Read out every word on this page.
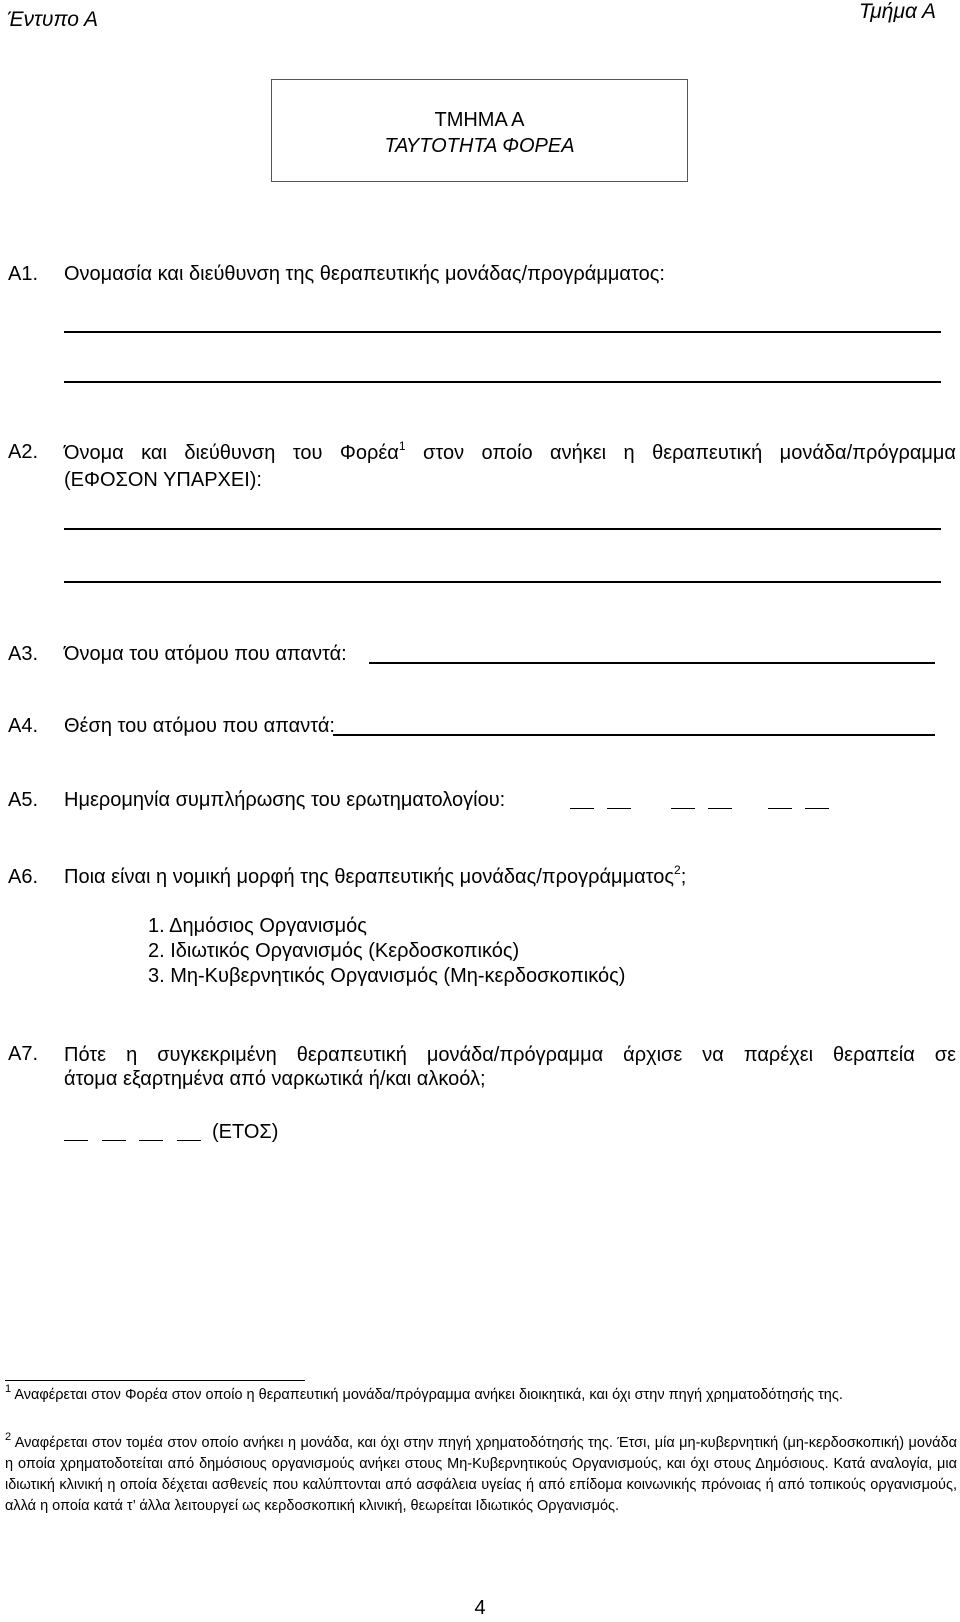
Έντυπο Α	Τμήμα Α
ΤΜΗΜΑ Α
ΤΑΥΤΟΤΗΤΑ ΦΟΡΕΑ
Α1. Ονομασία και διεύθυνση της θεραπευτικής μονάδας/προγράμματος:
Α2. Όνομα και διεύθυνση του Φορέα$^1$ στον οποίο ανήκει η θεραπευτική μονάδα/πρόγραμμα
(ΕΦΟΣΟΝ ΥΠΑΡΧΕΙ):
Α3. Όνομα του ατόμου που απαντά:
Α4. Θέση του ατόμου που απαντά:
Α5. Ημερομηνία συμπλήρωσης του ερωτηματολογίου:
Α6. Ποια είναι η νομική μορφή της θεραπευτικής μονάδας/προγράμματος$^2$;
1. Δημόσιος Οργανισμός
2. Ιδιωτικός Οργανισμός (Κερδοσκοπικός)
3. Μη-Κυβερνητικός Οργανισμός (Μη-κερδοσκοπικός)
Α7. Πότε η συγκεκριμένη θεραπευτική μονάδα/πρόγραμμα άρχισε να παρέχει θεραπεία σε
άτομα εξαρτημένα από ναρκωτικά ή/και αλκοόλ;
(ΕΤΟΣ)

$^1$ Αναφέρεται στον Φορέα στον οποίο η θεραπευτική μονάδα/πρόγραμμα ανήκει διοικητικά, και όχι στην πηγή χρηματοδότησής της.

$^2$ Αναφέρεται στον τομέα στον οποίο ανήκει η μονάδα, και όχι στην πηγή χρηματοδότησής της. Έτσι, μία μη-κυβερνητική (μη-κερδοσκοπική) μονάδα η οποία χρηματοδοτείται από δημόσιους οργανισμούς ανήκει στους Μη-Κυβερνητικούς Οργανισμούς, και όχι στους Δημόσιους. Κατά αναλογία, μια ιδιωτική κλινική η οποία δέχεται ασθενείς που καλύπτονται από ασφάλεια υγείας ή από επίδομα κοινωνικής πρόνοιας ή από τοπικούς οργανισμούς, αλλά η οποία κατά τ’ άλλα λειτουργεί ως κερδοσκοπική κλινική, θεωρείται Ιδιωτικός Οργανισμός.

4
